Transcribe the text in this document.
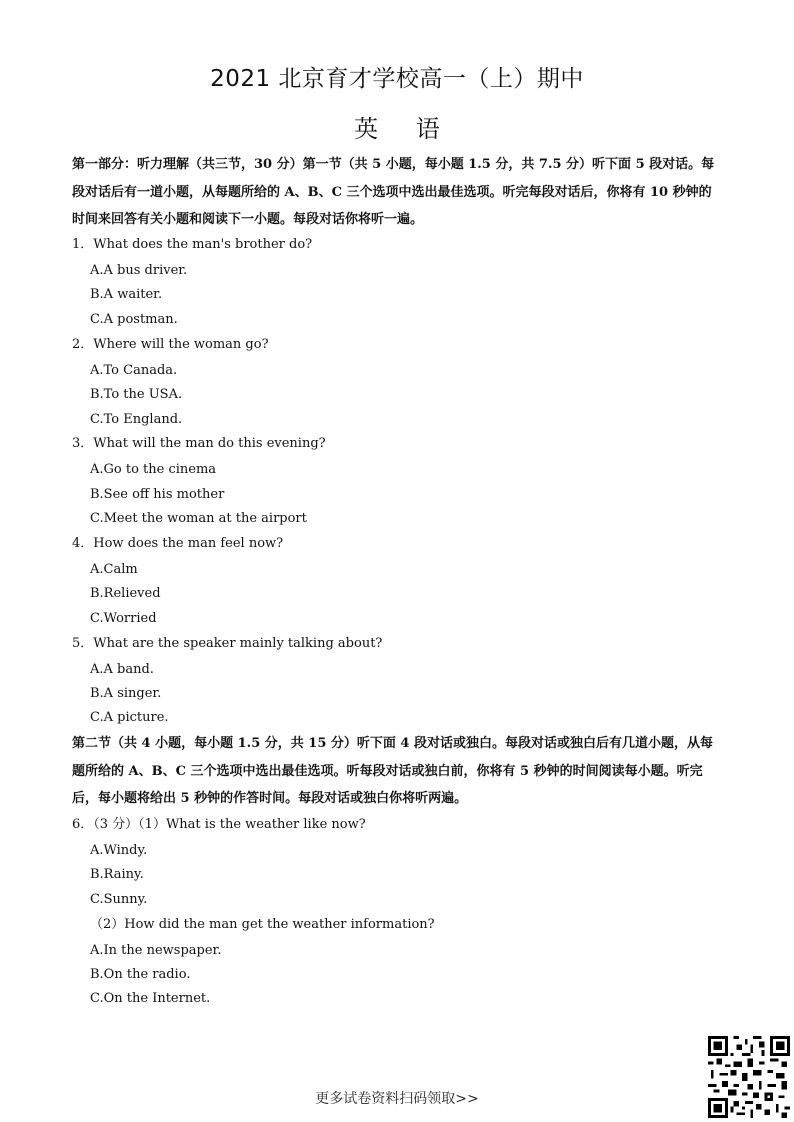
2021 北京育才学校高一（上）期中
英 语
第一部分：听力理解（共三节，30 分）第一节（共 5 小题，每小题 1.5 分，共 7.5 分）听下面 5 段对话。每段对话后有一道小题，从每题所给的 A、B、C 三个选项中选出最佳选项。听完每段对话后，你将有 10 秒钟的时间来回答有关小题和阅读下一小题。每段对话你将听一遍。
1．What does the man's brother do?
A.A bus driver.
B.A waiter.
C.A postman.
2．Where will the woman go?
A.To Canada.
B.To the USA.
C.To England.
3．What will the man do this evening?
A.Go to the cinema
B.See off his mother
C.Meet the woman at the airport
4．How does the man feel now?
A.Calm
B.Relieved
C.Worried
5．What are the speaker mainly talking about?
A.A band.
B.A singer.
C.A picture.
第二节（共 4 小题，每小题 1.5 分，共 15 分）听下面 4 段对话或独白。每段对话或独白后有几道小题，从每题所给的 A、B、C 三个选项中选出最佳选项。听每段对话或独白前，你将有 5 秒钟的时间阅读每小题。听完后，每小题将给出 5 秒钟的作答时间。每段对话或独白你将听两遍。
6．（3 分）（1）What is the weather like now?
A.Windy.
B.Rainy.
C.Sunny.
（2）How did the man get the weather information?
A.In the newspaper.
B.On the radio.
C.On the Internet.
更多试卷资料扫码领取>>
